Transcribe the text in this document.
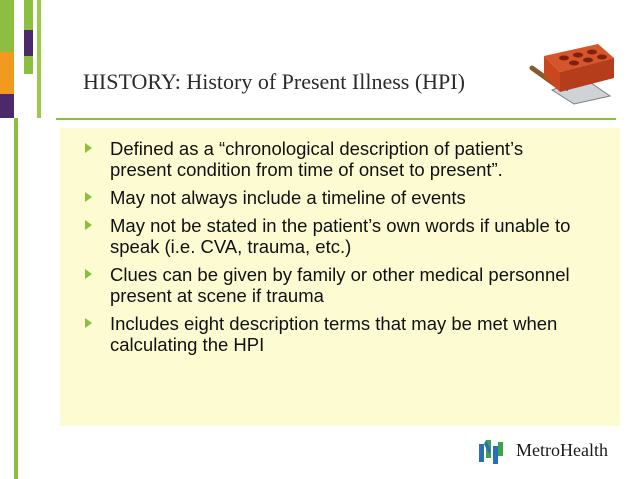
HISTORY: History of Present Illness (HPI)
Defined as a “chronological description of patient’s present condition from time of onset to present”.
May not always include a timeline of events
May not be stated in the patient’s own words if unable to speak (i.e. CVA, trauma, etc.)
Clues can be given by family or other medical personnel present at scene if trauma
Includes eight description terms that may be met when calculating the HPI
MetroHealth
